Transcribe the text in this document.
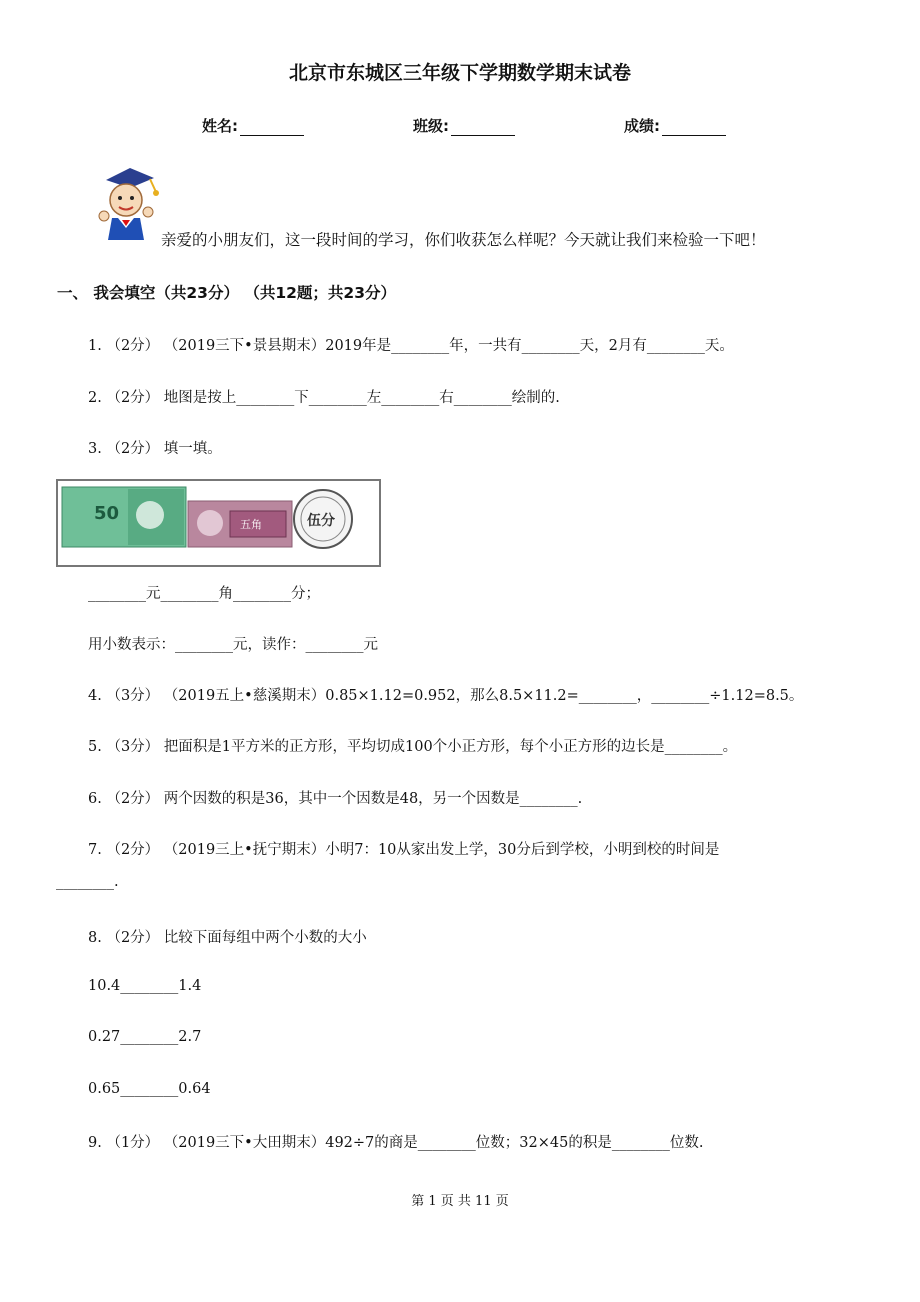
北京市东城区三年级下学期数学期末试卷
姓名:	班级:	成绩:
亲爱的小朋友们，这一段时间的学习，你们收获怎么样呢？今天就让我们来检验一下吧！
一、 我会填空（共23分） （共12题；共23分）
1. （2分） （2019三下•景县期末）2019年是________年，一共有________天，2月有________天。
2. （2分） 地图是按上________下________左________右________绘制的.
3. （2分） 填一填。
50
五角	伍分
________元________角________分；
用小数表示：________元，读作：________元
4. （3分） （2019五上•慈溪期末）0.85×1.12=0.952，那么8.5×11.2=________，________÷1.12=8.5。
5. （3分） 把面积是1平方米的正方形，平均切成100个小正方形，每个小正方形的边长是________。
6. （2分） 两个因数的积是36，其中一个因数是48，另一个因数是________.
7. （2分） （2019三上•抚宁期末）小明7：10从家出发上学，30分后到学校，小明到校的时间是
________.
8. （2分） 比较下面每组中两个小数的大小
10.4________1.4
0.27________2.7
0.65________0.64
9. （1分） （2019三下•大田期末）492÷7的商是________位数；32×45的积是________位数.
第 1 页 共 11 页
